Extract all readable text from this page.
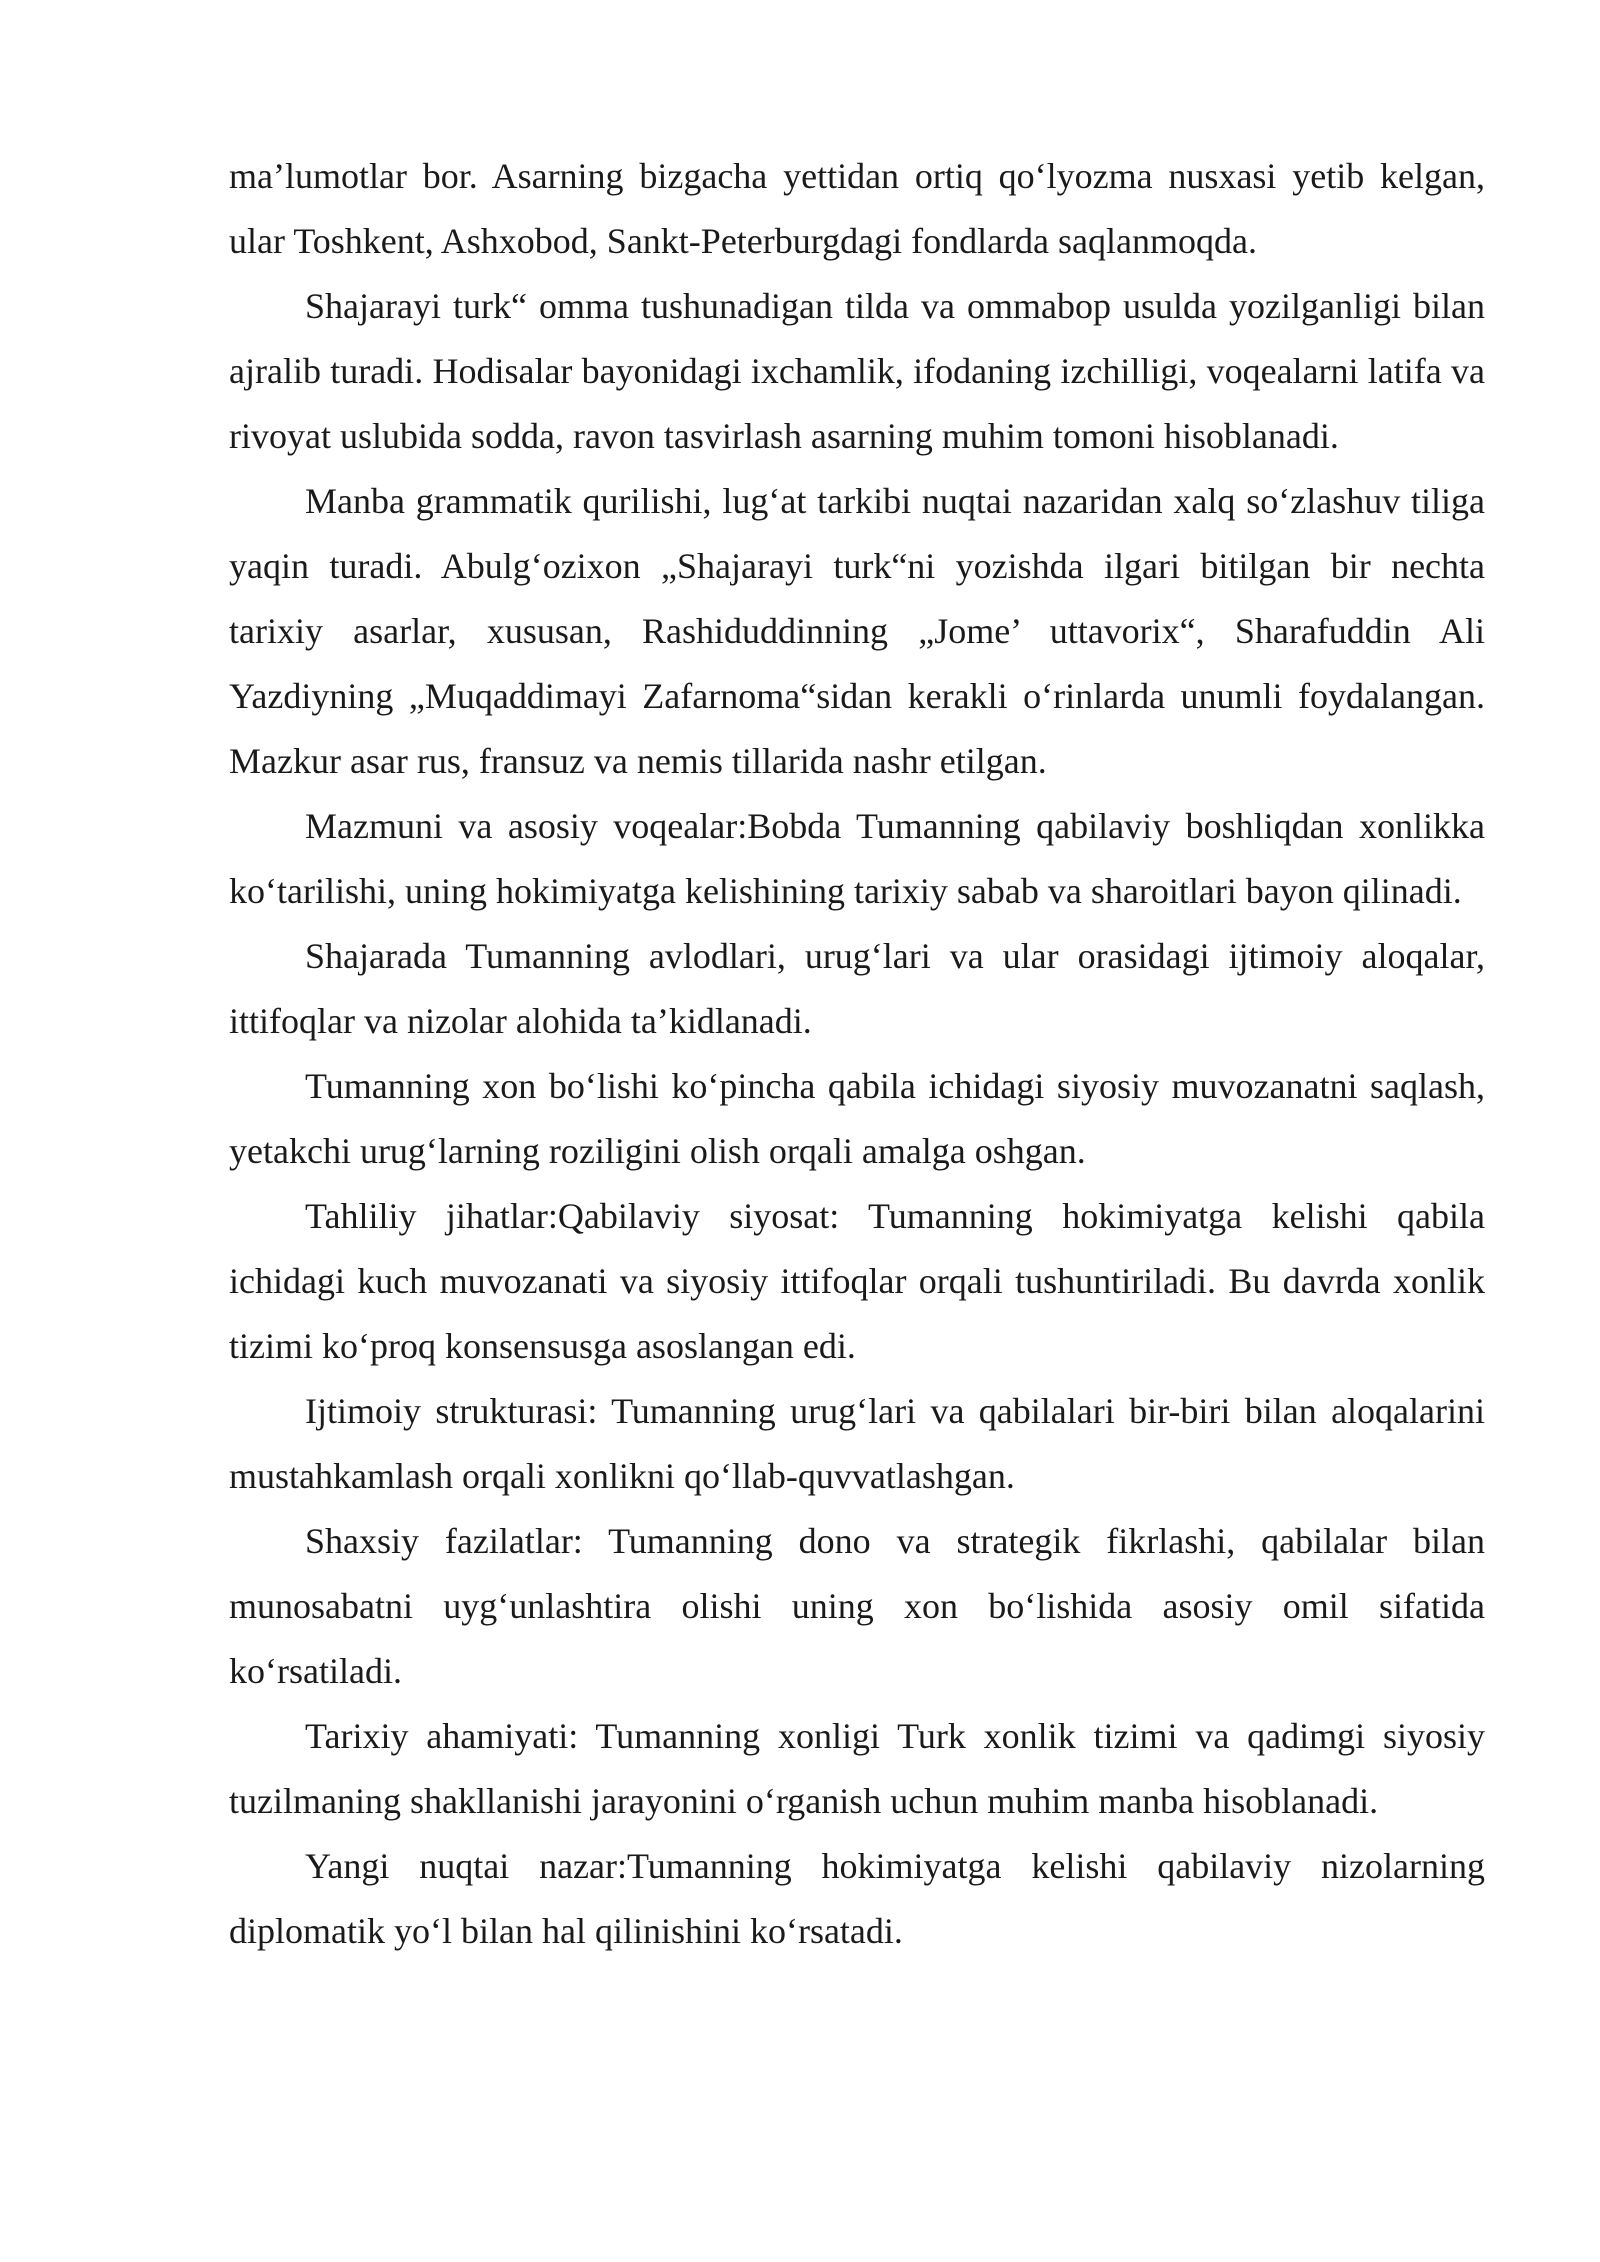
ma’lumotlar bor. Asarning bizgacha yettidan ortiq qo‘lyozma nusxasi yetib kelgan, ular Toshkent, Ashxobod, Sankt-Peterburgdagi fondlarda saqlanmoqda.

Shajarayi turk“ omma tushunadigan tilda va ommabop usulda yozilganligi bilan ajralib turadi. Hodisalar bayonidagi ixchamlik, ifodaning izchilligi, voqealarni latifa va rivoyat uslubida sodda, ravon tasvirlash asarning muhim tomoni hisoblanadi.

Manba grammatik qurilishi, lug‘at tarkibi nuqtai nazaridan xalq so‘zlashuv tiliga yaqin turadi. Abulg‘ozixon „Shajarayi turk“ni yozishda ilgari bitilgan bir nechta tarixiy asarlar, xususan, Rashiduddinning „Jome’ uttavorix“, Sharafuddin Ali Yazdiyning „Muqaddimayi Zafarnoma“sidan kerakli o‘rinlarda unumli foydalangan. Mazkur asar rus, fransuz va nemis tillarida nashr etilgan.

Mazmuni va asosiy voqealar:Bobda Tumanning qabilaviy boshliqdan xonlikka ko‘tarilishi, uning hokimiyatga kelishining tarixiy sabab va sharoitlari bayon qilinadi.

Shajarada Tumanning avlodlari, urug‘lari va ular orasidagi ijtimoiy aloqalar, ittifoqlar va nizolar alohida ta’kidlanadi.

Tumanning xon bo‘lishi ko‘pincha qabila ichidagi siyosiy muvozanatni saqlash, yetakchi urug‘larning roziligini olish orqali amalga oshgan.

Tahliliy jihatlar:Qabilaviy siyosat: Tumanning hokimiyatga kelishi qabila ichidagi kuch muvozanati va siyosiy ittifoqlar orqali tushuntiriladi. Bu davrda xonlik tizimi ko‘proq konsensusga asoslangan edi.

Ijtimoiy strukturasi: Tumanning urug‘lari va qabilalari bir-biri bilan aloqalarini mustahkamlash orqali xonlikni qo‘llab-quvvatlashgan.

Shaxsiy fazilatlar: Tumanning dono va strategik fikrlashi, qabilalar bilan munosabatni uyg‘unlashtira olishi uning xon bo‘lishida asosiy omil sifatida ko‘rsatiladi.

Tarixiy ahamiyati: Tumanning xonligi Turk xonlik tizimi va qadimgi siyosiy tuzilmaning shakllanishi jarayonini o‘rganish uchun muhim manba hisoblanadi.

Yangi nuqtai nazar:Tumanning hokimiyatga kelishi qabilaviy nizolarning diplomatik yo‘l bilan hal qilinishini ko‘rsatadi.
